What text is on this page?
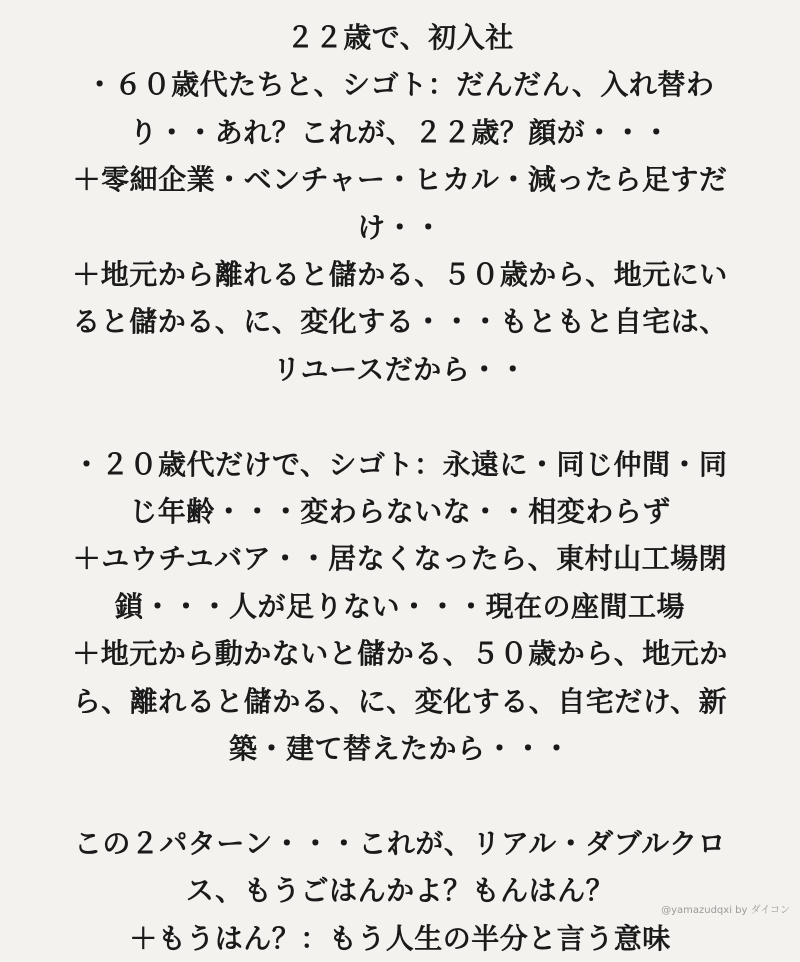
２２歳で、初入社
・６０歳代たちと、シゴト：だんだん、入れ替わ
り・・あれ？これが、２２歳？顔が・・・
＋零細企業・ベンチャー・ヒカル・減ったら足すだ
け・・
＋地元から離れると儲かる、５０歳から、地元にい
ると儲かる、に、変化する・・・もともと自宅は、
リユースだから・・
・２０歳代だけで、シゴト：永遠に・同じ仲間・同
じ年齢・・・変わらないな・・相変わらず
＋ユウチユバア・・居なくなったら、東村山工場閉
鎖・・・人が足りない・・・現在の座間工場
＋地元から動かないと儲かる、５０歳から、地元か
ら、離れると儲かる、に、変化する、自宅だけ、新
築・建て替えたから・・・
この２パターン・・・これが、リアル・ダブルクロ
ス、もうごはんかよ？もんはん？
＋もうはん？：もう人生の半分と言う意味
@yamazudqxi by ダイコン
